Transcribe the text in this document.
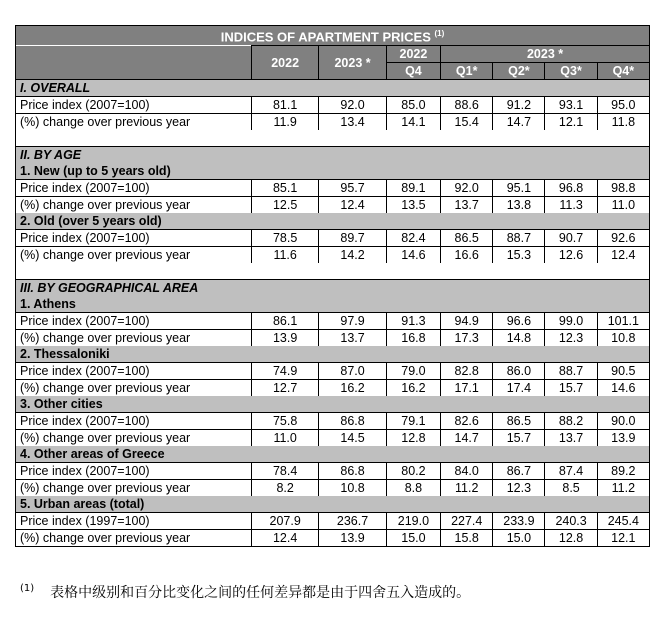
INDICES OF APARTMENT PRICES $^{(1)}$
	2022	2023 *	2022	2023 *			
			Q4	Q1*	Q2*	Q3*	Q4*
I. OVERALL							
Price index (2007=100)	81.1	92.0	85.0	88.6	91.2	93.1	95.0
(%) change over previous year	11.9	13.4	14.1	15.4	14.7	12.1	11.8

II. BY AGE							
1. New (up to 5 years old)							
Price index (2007=100)	85.1	95.7	89.1	92.0	95.1	96.8	98.8
(%) change over previous year	12.5	12.4	13.5	13.7	13.8	11.3	11.0
2. Old (over 5 years old)							
Price index (2007=100)	78.5	89.7	82.4	86.5	88.7	90.7	92.6
(%) change over previous year	11.6	14.2	14.6	16.6	15.3	12.6	12.4

III. BY GEOGRAPHICAL AREA							
1. Athens							
Price index (2007=100)	86.1	97.9	91.3	94.9	96.6	99.0	101.1
(%) change over previous year	13.9	13.7	16.8	17.3	14.8	12.3	10.8
2. Thessaloniki							
Price index (2007=100)	74.9	87.0	79.0	82.8	86.0	88.7	90.5
(%) change over previous year	12.7	16.2	16.2	17.1	17.4	15.7	14.6
3. Other cities							
Price index (2007=100)	75.8	86.8	79.1	82.6	86.5	88.2	90.0
(%) change over previous year	11.0	14.5	12.8	14.7	15.7	13.7	13.9
4. Other areas of Greece							
Price index (2007=100)	78.4	86.8	80.2	84.0	86.7	87.4	89.2
(%) change over previous year	8.2	10.8	8.8	11.2	12.3	8.5	11.2
5. Urban areas (total)							
Price index (1997=100)	207.9	236.7	219.0	227.4	233.9	240.3	245.4
(%) change over previous year	12.4	13.9	15.0	15.8	15.0	12.8	12.1
$^{(1)}$ 表格中级别和百分比变化之间的任何差异都是由于四舍五入造成的。
